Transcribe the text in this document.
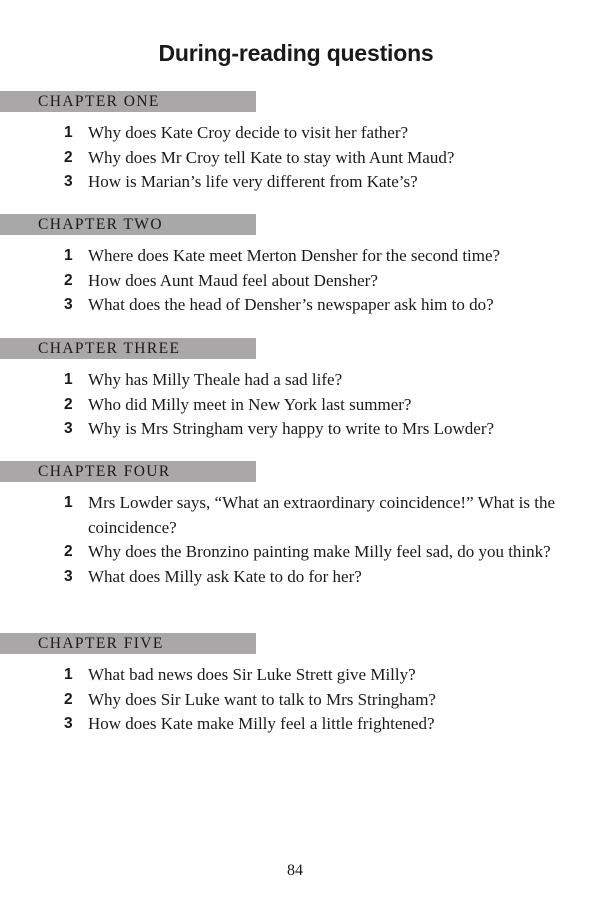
During-reading questions
CHAPTER ONE
1 Why does Kate Croy decide to visit her father?
2 Why does Mr Croy tell Kate to stay with Aunt Maud?
3 How is Marian’s life very different from Kate’s?
CHAPTER TWO
1 Where does Kate meet Merton Densher for the second time?
2 How does Aunt Maud feel about Densher?
3 What does the head of Densher’s newspaper ask him to do?
CHAPTER THREE
1 Why has Milly Theale had a sad life?
2 Who did Milly meet in New York last summer?
3 Why is Mrs Stringham very happy to write to Mrs Lowder?
CHAPTER FOUR
1 Mrs Lowder says, “What an extraordinary coincidence!” What is the coincidence?
2 Why does the Bronzino painting make Milly feel sad, do you think?
3 What does Milly ask Kate to do for her?
CHAPTER FIVE
1 What bad news does Sir Luke Strett give Milly?
2 Why does Sir Luke want to talk to Mrs Stringham?
3 How does Kate make Milly feel a little frightened?
84
